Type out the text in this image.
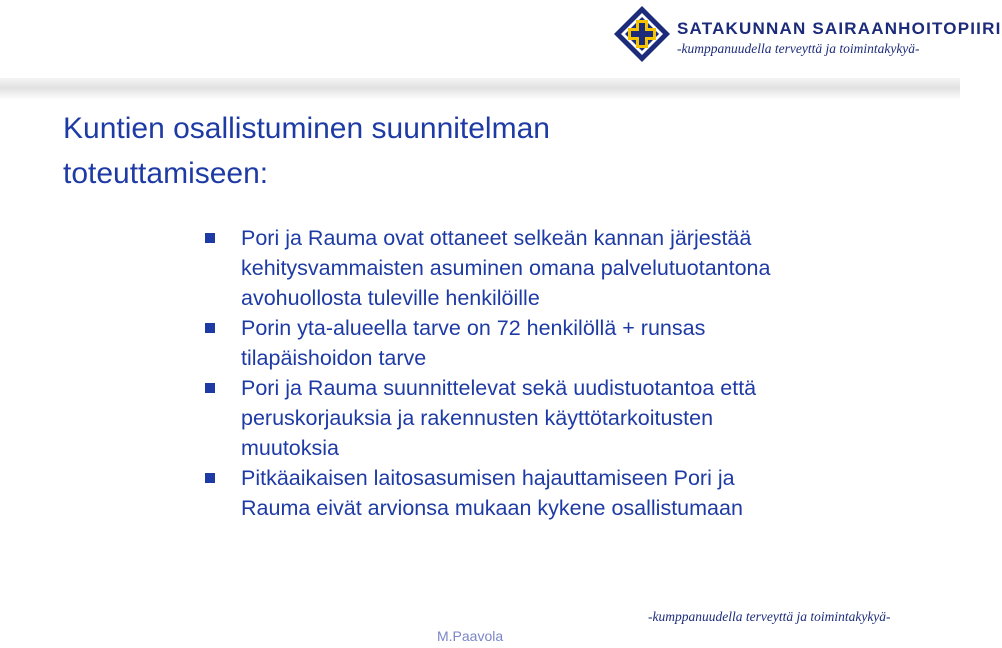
SATAKUNNAN SAIRAANHOITOPIIRI
-kumppanuudella terveyttä ja toimintakykyä-
Kuntien osallistuminen suunnitelman
toteuttamiseen:
Pori ja Rauma ovat ottaneet selkeän kannan järjestää
kehitysvammaisten asuminen omana palvelutuotantona
avohuollosta tuleville henkilöille
Porin yta-alueella tarve on 72 henkilöllä + runsas
tilapäishoidon tarve
Pori ja Rauma suunnittelevat sekä uudistuotantoa että
peruskorjauksia ja rakennusten käyttötarkoitusten
muutoksia
Pitkäaikaisen laitosasumisen hajauttamiseen Pori ja
Rauma eivät arvionsa mukaan kykene osallistumaan
-kumppanuudella terveyttä ja toimintakykyä-
M.Paavola
